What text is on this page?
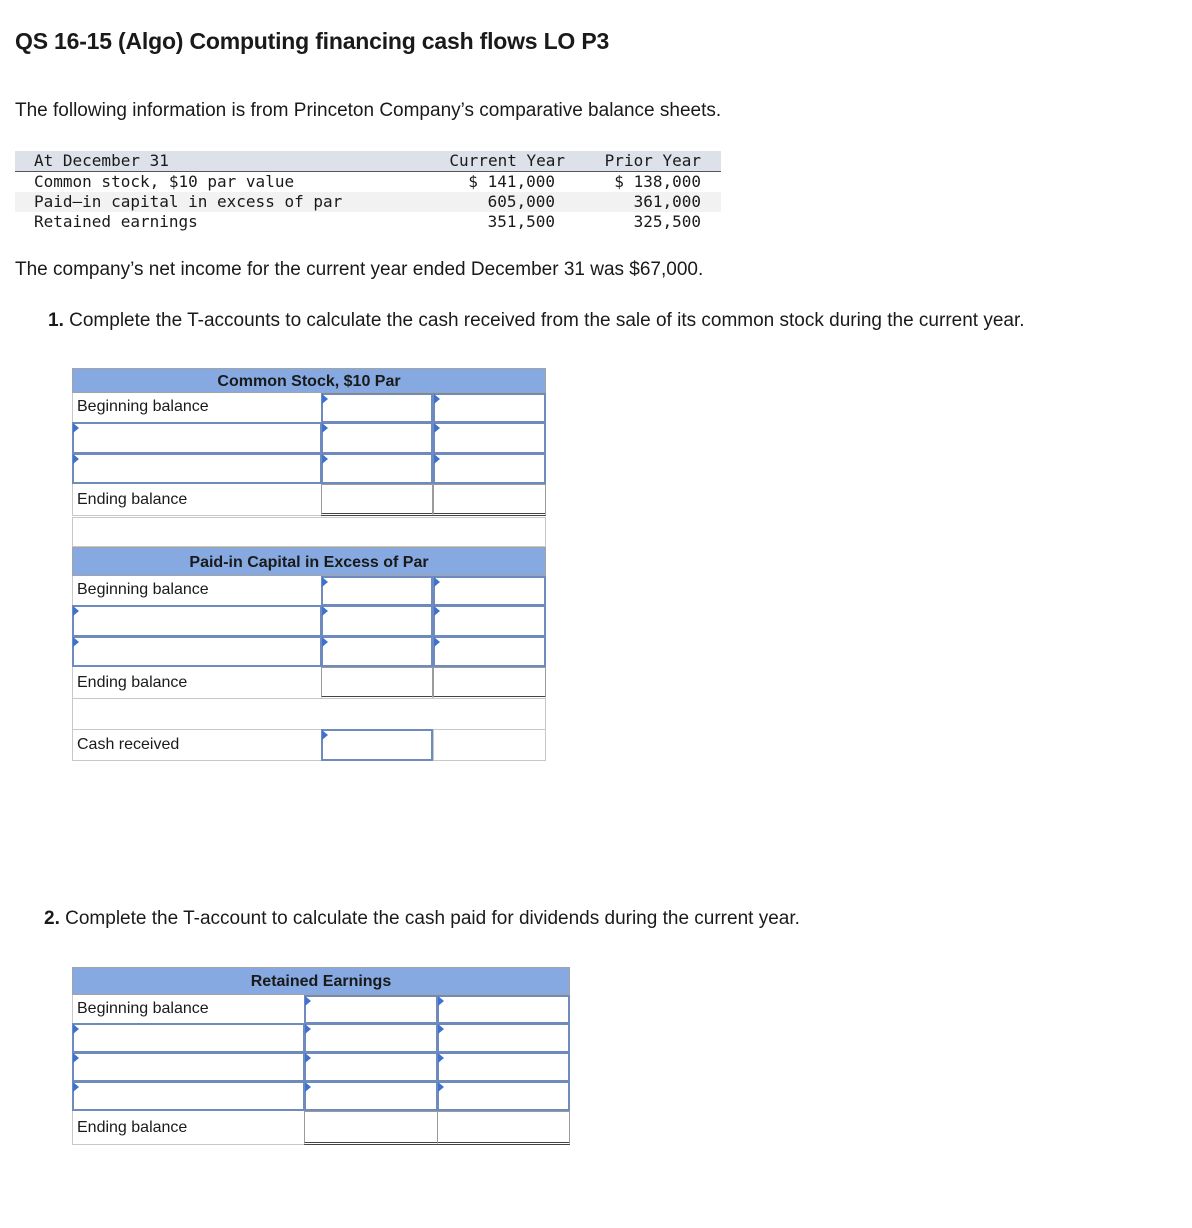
QS 16-15 (Algo) Computing financing cash flows LO P3

The following information is from Princeton Company’s comparative balance sheets.

At December 31	Current Year Prior Year
Common stock, $10 par value	$ 141,000	$ 138,000
Paid–in capital in excess of par	605,000	361,000
Retained earnings	351,500	325,500

The company’s net income for the current year ended December 31 was $67,000.

1. Complete the T-accounts to calculate the cash received from the sale of its common stock during the current year.

Common Stock, $10 Par
Beginning balance
Ending balance
Paid-in Capital in Excess of Par
Beginning balance
Ending balance
Cash received

2. Complete the T-account to calculate the cash paid for dividends during the current year.

Retained Earnings
Beginning balance
Ending balance
